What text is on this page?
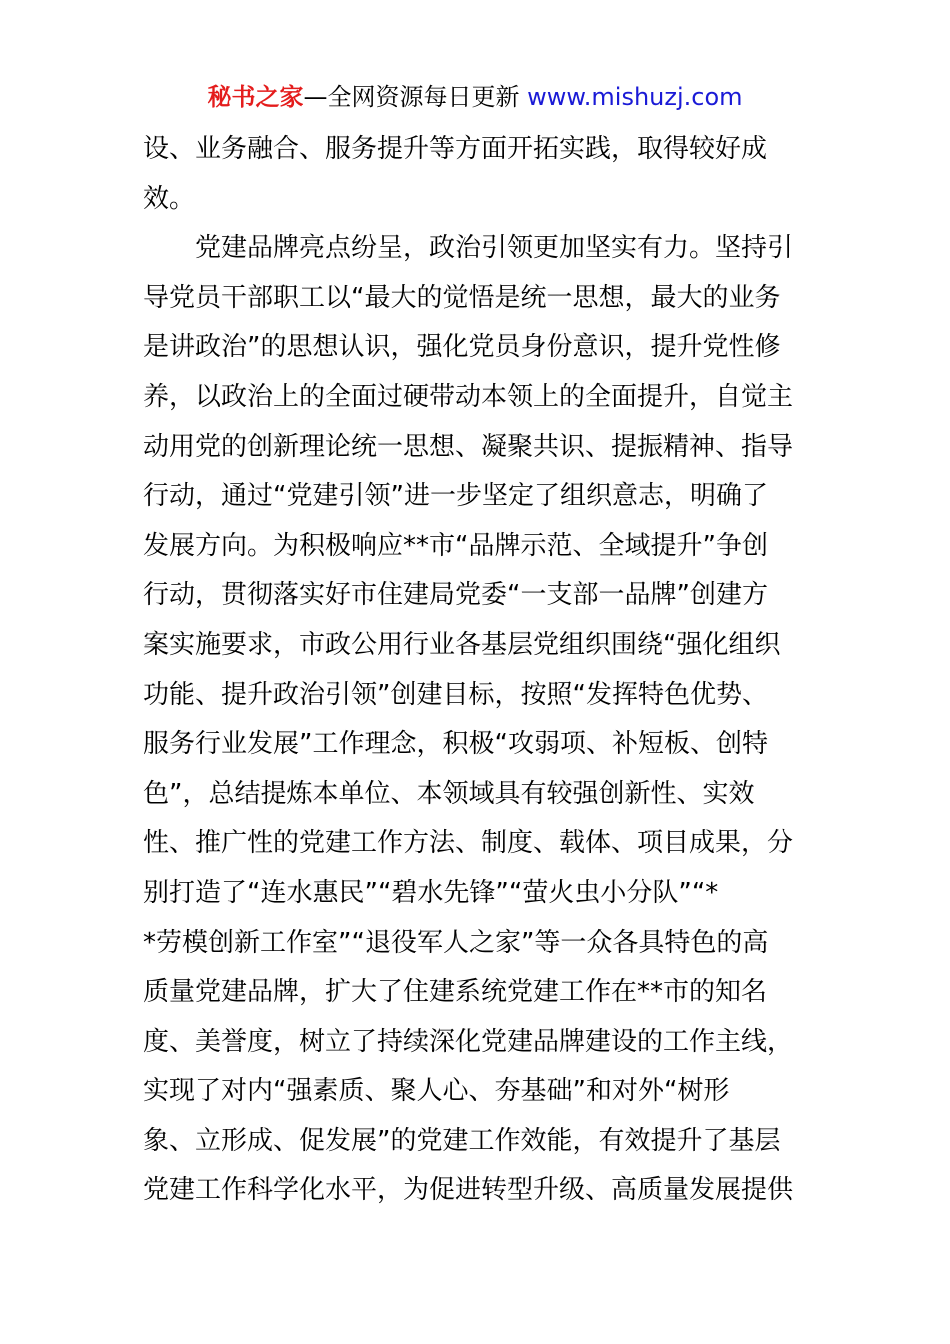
秘书之家—全网资源每日更新 www.mishuzj.com
设、业务融合、服务提升等方面开拓实践，取得较好成
效。
党建品牌亮点纷呈，政治引领更加坚实有力。坚持引
导党员干部职工以“最大的觉悟是统一思想，最大的业务
是讲政治”的思想认识，强化党员身份意识，提升党性修
养，以政治上的全面过硬带动本领上的全面提升，自觉主
动用党的创新理论统一思想、凝聚共识、提振精神、指导
行动，通过“党建引领”进一步坚定了组织意志，明确了
发展方向。为积极响应**市“品牌示范、全域提升”争创
行动，贯彻落实好市住建局党委“一支部一品牌”创建方
案实施要求，市政公用行业各基层党组织围绕“强化组织
功能、提升政治引领”创建目标，按照“发挥特色优势、
服务行业发展”工作理念，积极“攻弱项、补短板、创特
色”，总结提炼本单位、本领域具有较强创新性、实效
性、推广性的党建工作方法、制度、载体、项目成果，分
别打造了“连水惠民”“碧水先锋”“萤火虫小分队”“*
*劳模创新工作室”“退役军人之家”等一众各具特色的高
质量党建品牌，扩大了住建系统党建工作在**市的知名
度、美誉度，树立了持续深化党建品牌建设的工作主线，
实现了对内“强素质、聚人心、夯基础”和对外“树形
象、立形成、促发展”的党建工作效能，有效提升了基层
党建工作科学化水平，为促进转型升级、高质量发展提供
